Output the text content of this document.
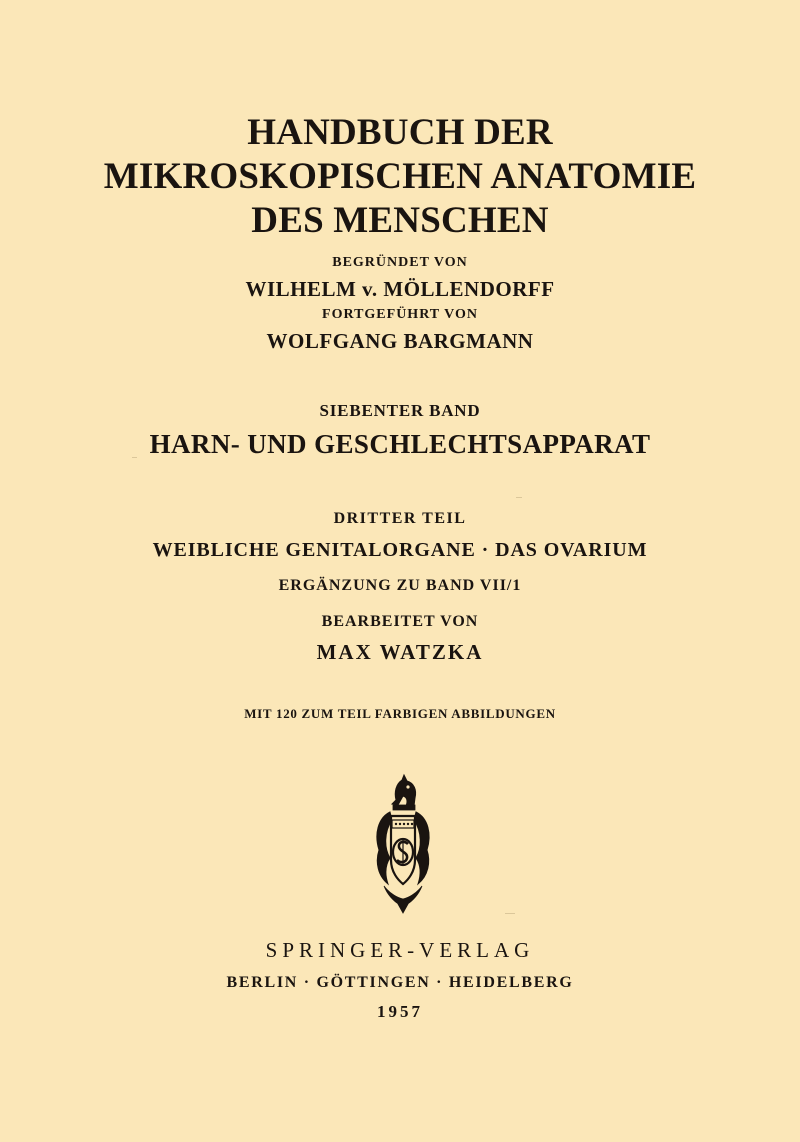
HANDBUCH DER
MIKROSKOPISCHEN ANATOMIE
DES MENSCHEN
BEGRÜNDET VON
WILHELM v. MÖLLENDORFF
FORTGEFÜHRT VON
WOLFGANG BARGMANN
SIEBENTER BAND
HARN- UND GESCHLECHTSAPPARAT
DRITTER TEIL
WEIBLICHE GENITALORGANE · DAS OVARIUM
ERGÄNZUNG ZU BAND VII/1
BEARBEITET VON
MAX WATZKA
MIT 120 ZUM TEIL FARBIGEN ABBILDUNGEN
SPRINGER-VERLAG
BERLIN · GÖTTINGEN · HEIDELBERG
1957
